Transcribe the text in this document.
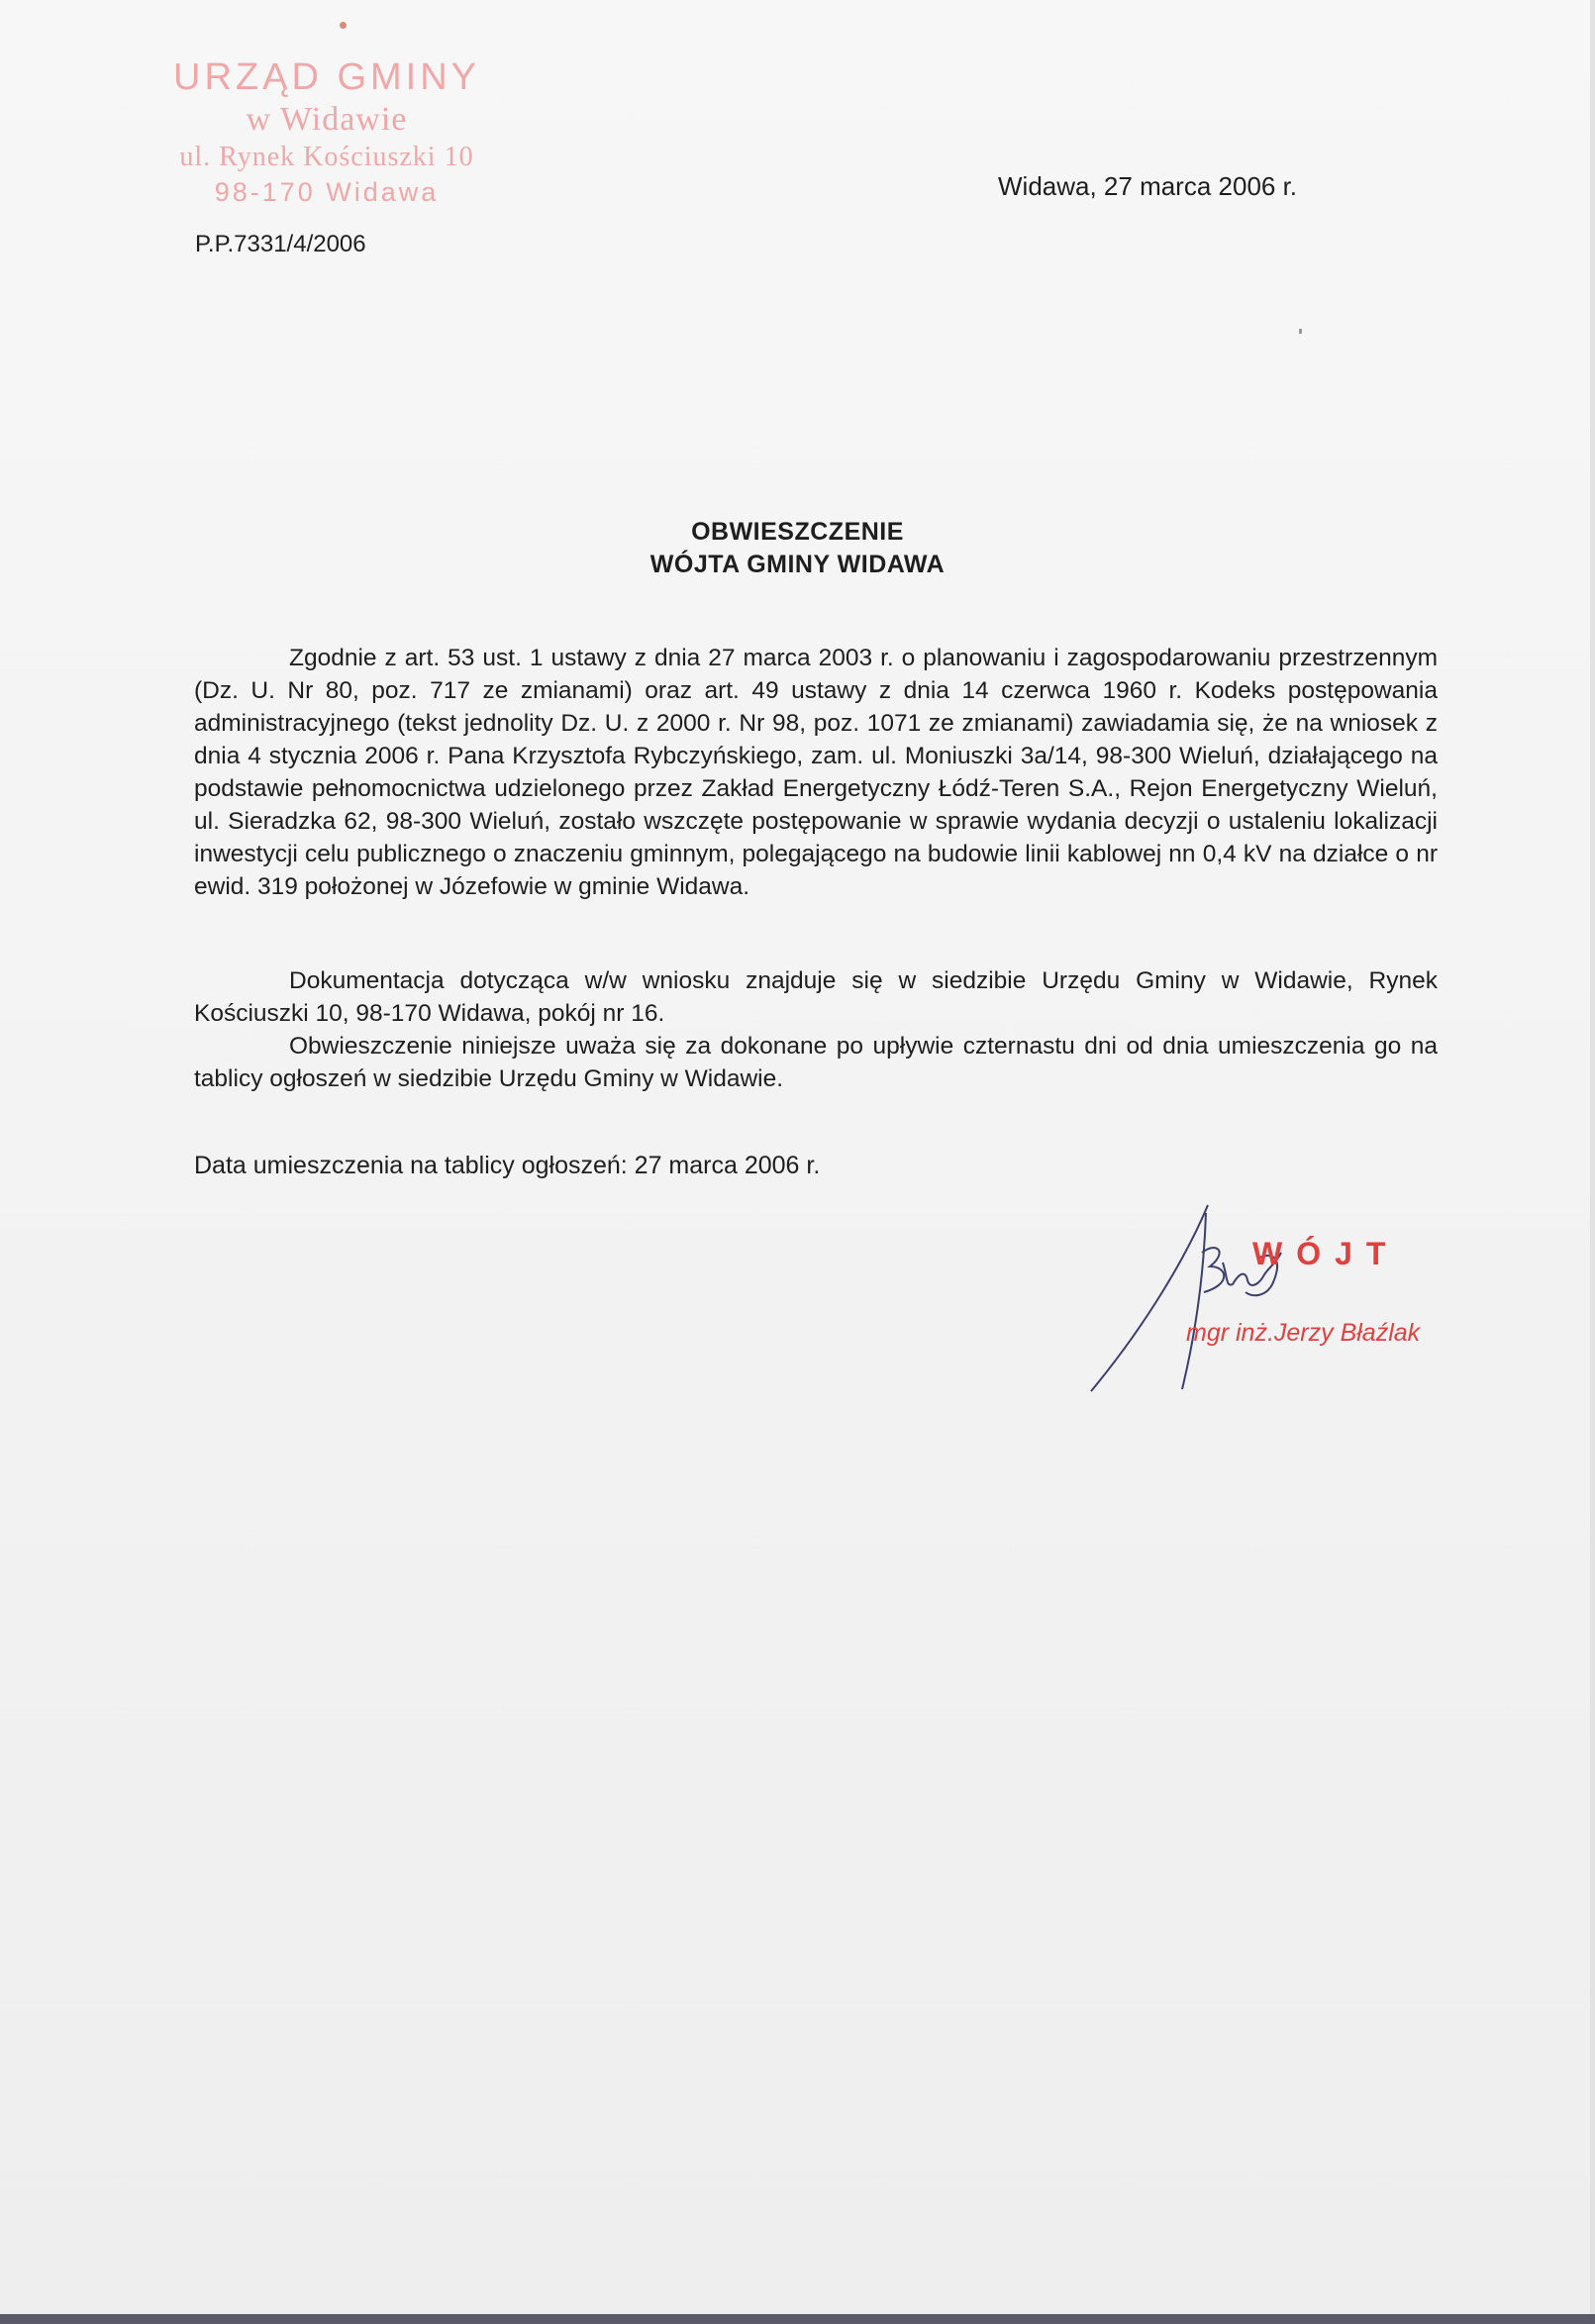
URZĄD GMINY
w Widawie
ul. Rynek Kościuszki 10
98-170 Widawa
P.P.7331/4/2006
Widawa, 27 marca 2006 r.
OBWIESZCZENIE
WÓJTA GMINY WIDAWA

Zgodnie z art. 53 ust. 1 ustawy z dnia 27 marca 2003 r. o planowaniu i zagospodarowaniu przestrzennym (Dz. U. Nr 80, poz. 717 ze zmianami) oraz art. 49 ustawy z dnia 14 czerwca 1960 r. Kodeks postępowania administracyjnego (tekst jednolity Dz. U. z 2000 r. Nr 98, poz. 1071 ze zmianami) zawiadamia się, że na wniosek z dnia 4 stycznia 2006 r. Pana Krzysztofa Rybczyńskiego, zam. ul. Moniuszki 3a/14, 98-300 Wieluń, działającego na podstawie pełnomocnictwa udzielonego przez Zakład Energetyczny Łódź-Teren S.A., Rejon Energetyczny Wieluń, ul. Sieradzka 62, 98-300 Wieluń, zostało wszczęte postępowanie w sprawie wydania decyzji o ustaleniu lokalizacji inwestycji celu publicznego o znaczeniu gminnym, polegającego na budowie linii kablowej nn 0,4 kV na działce o nr ewid. 319 położonej w Józefowie w gminie Widawa.

Dokumentacja dotycząca w/w wniosku znajduje się w siedzibie Urzędu Gminy w Widawie, Rynek Kościuszki 10, 98-170 Widawa, pokój nr 16.

Obwieszczenie niniejsze uważa się za dokonane po upływie czternastu dni od dnia umieszczenia go na tablicy ogłoszeń w siedzibie Urzędu Gminy w Widawie.

Data umieszczenia na tablicy ogłoszeń: 27 marca 2006 r.
WÓJT
mgr inż.Jerzy Błaźlak
